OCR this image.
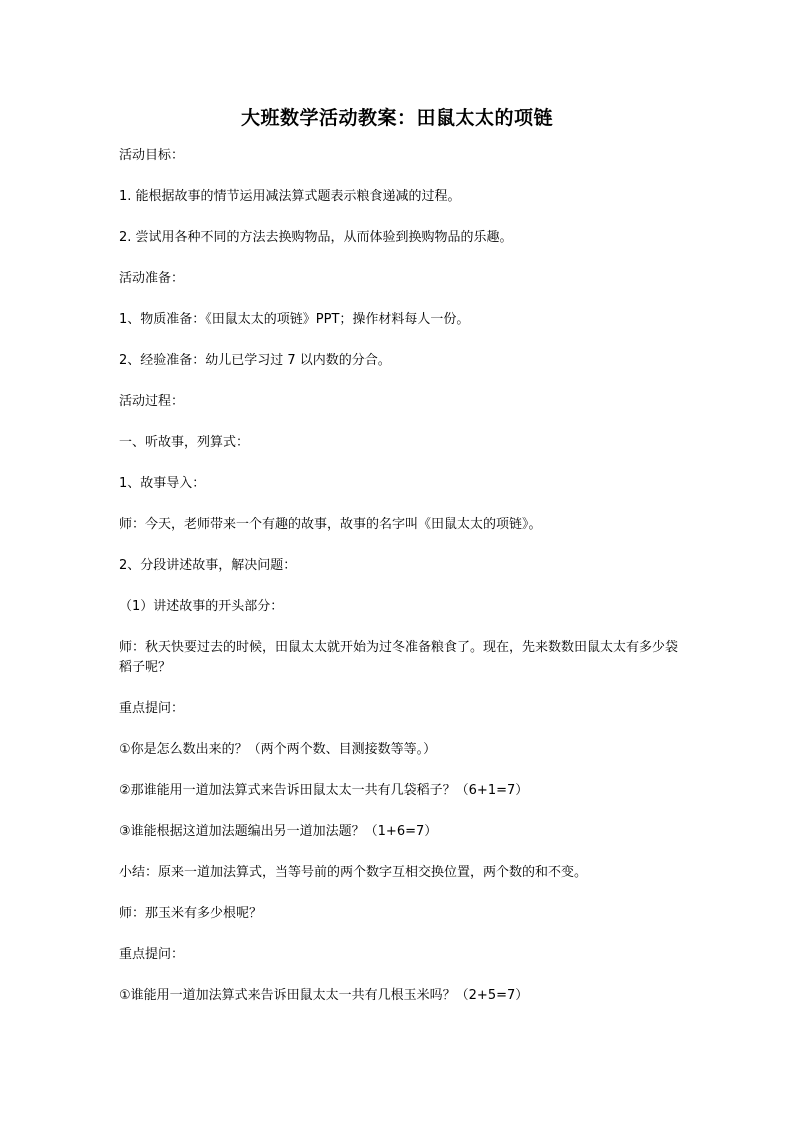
大班数学活动教案：田鼠太太的项链

活动目标：

1. 能根据故事的情节运用减法算式题表示粮食递减的过程。

2. 尝试用各种不同的方法去换购物品，从而体验到换购物品的乐趣。

活动准备：

1、物质准备：《田鼠太太的项链》PPT；操作材料每人一份。

2、经验准备：幼儿已学习过 7 以内数的分合。

活动过程：

一、听故事，列算式：

1、故事导入：

师：今天，老师带来一个有趣的故事，故事的名字叫《田鼠太太的项链》。

2、分段讲述故事，解决问题：

（1）讲述故事的开头部分：

师：秋天快要过去的时候，田鼠太太就开始为过冬准备粮食了。现在，先来数数田鼠太太有多少袋稻子呢？

重点提问：

①你是怎么数出来的？（两个两个数、目测接数等等。）

②那谁能用一道加法算式来告诉田鼠太太一共有几袋稻子？（6+1=7）

③谁能根据这道加法题编出另一道加法题？（1+6=7）

小结：原来一道加法算式，当等号前的两个数字互相交换位置，两个数的和不变。

师：那玉米有多少根呢？

重点提问：

①谁能用一道加法算式来告诉田鼠太太一共有几根玉米吗？（2+5=7）
